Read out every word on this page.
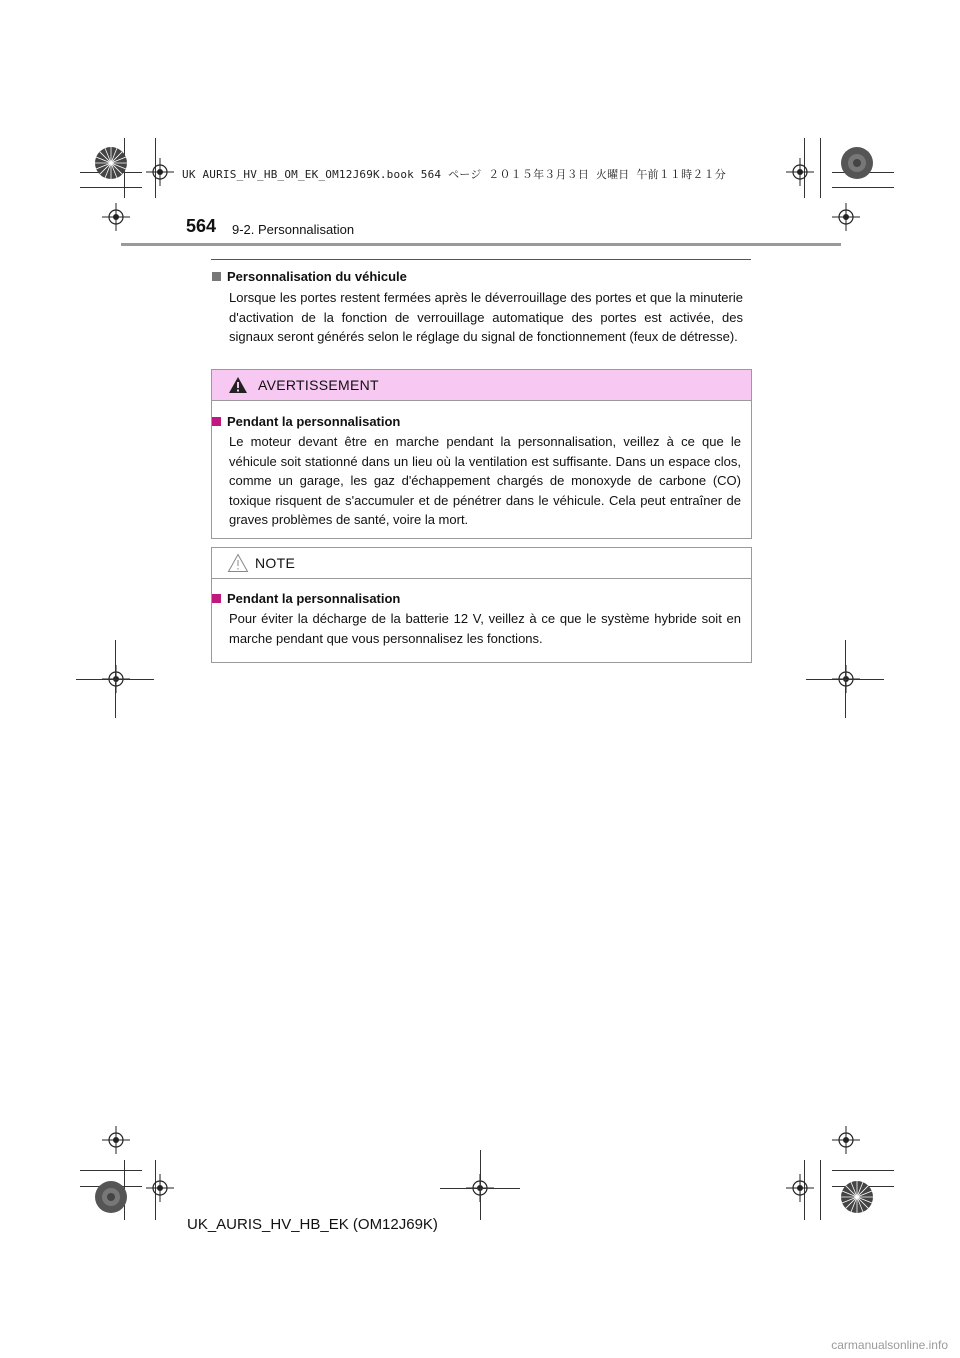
UK AURIS_HV_HB_OM_EK_OM12J69K.book 564 ページ ２０１５年３月３日 火曜日 午前１１時２１分
564 9-2. Personnalisation
Personnalisation du véhicule
Lorsque les portes restent fermées après le déverrouillage des portes et que la minuterie d'activation de la fonction de verrouillage automatique des portes est activée, des signaux seront générés selon le réglage du signal de fonctionnement (feux de détresse).
AVERTISSEMENT
Pendant la personnalisation
Le moteur devant être en marche pendant la personnalisation, veillez à ce que le véhicule soit stationné dans un lieu où la ventilation est suffisante. Dans un espace clos, comme un garage, les gaz d'échappement chargés de monoxyde de carbone (CO) toxique risquent de s'accumuler et de pénétrer dans le véhicule. Cela peut entraîner de graves problèmes de santé, voire la mort.
NOTE
Pendant la personnalisation
Pour éviter la décharge de la batterie 12 V, veillez à ce que le système hybride soit en marche pendant que vous personnalisez les fonctions.
UK_AURIS_HV_HB_EK (OM12J69K)
carmanualsonline.info
